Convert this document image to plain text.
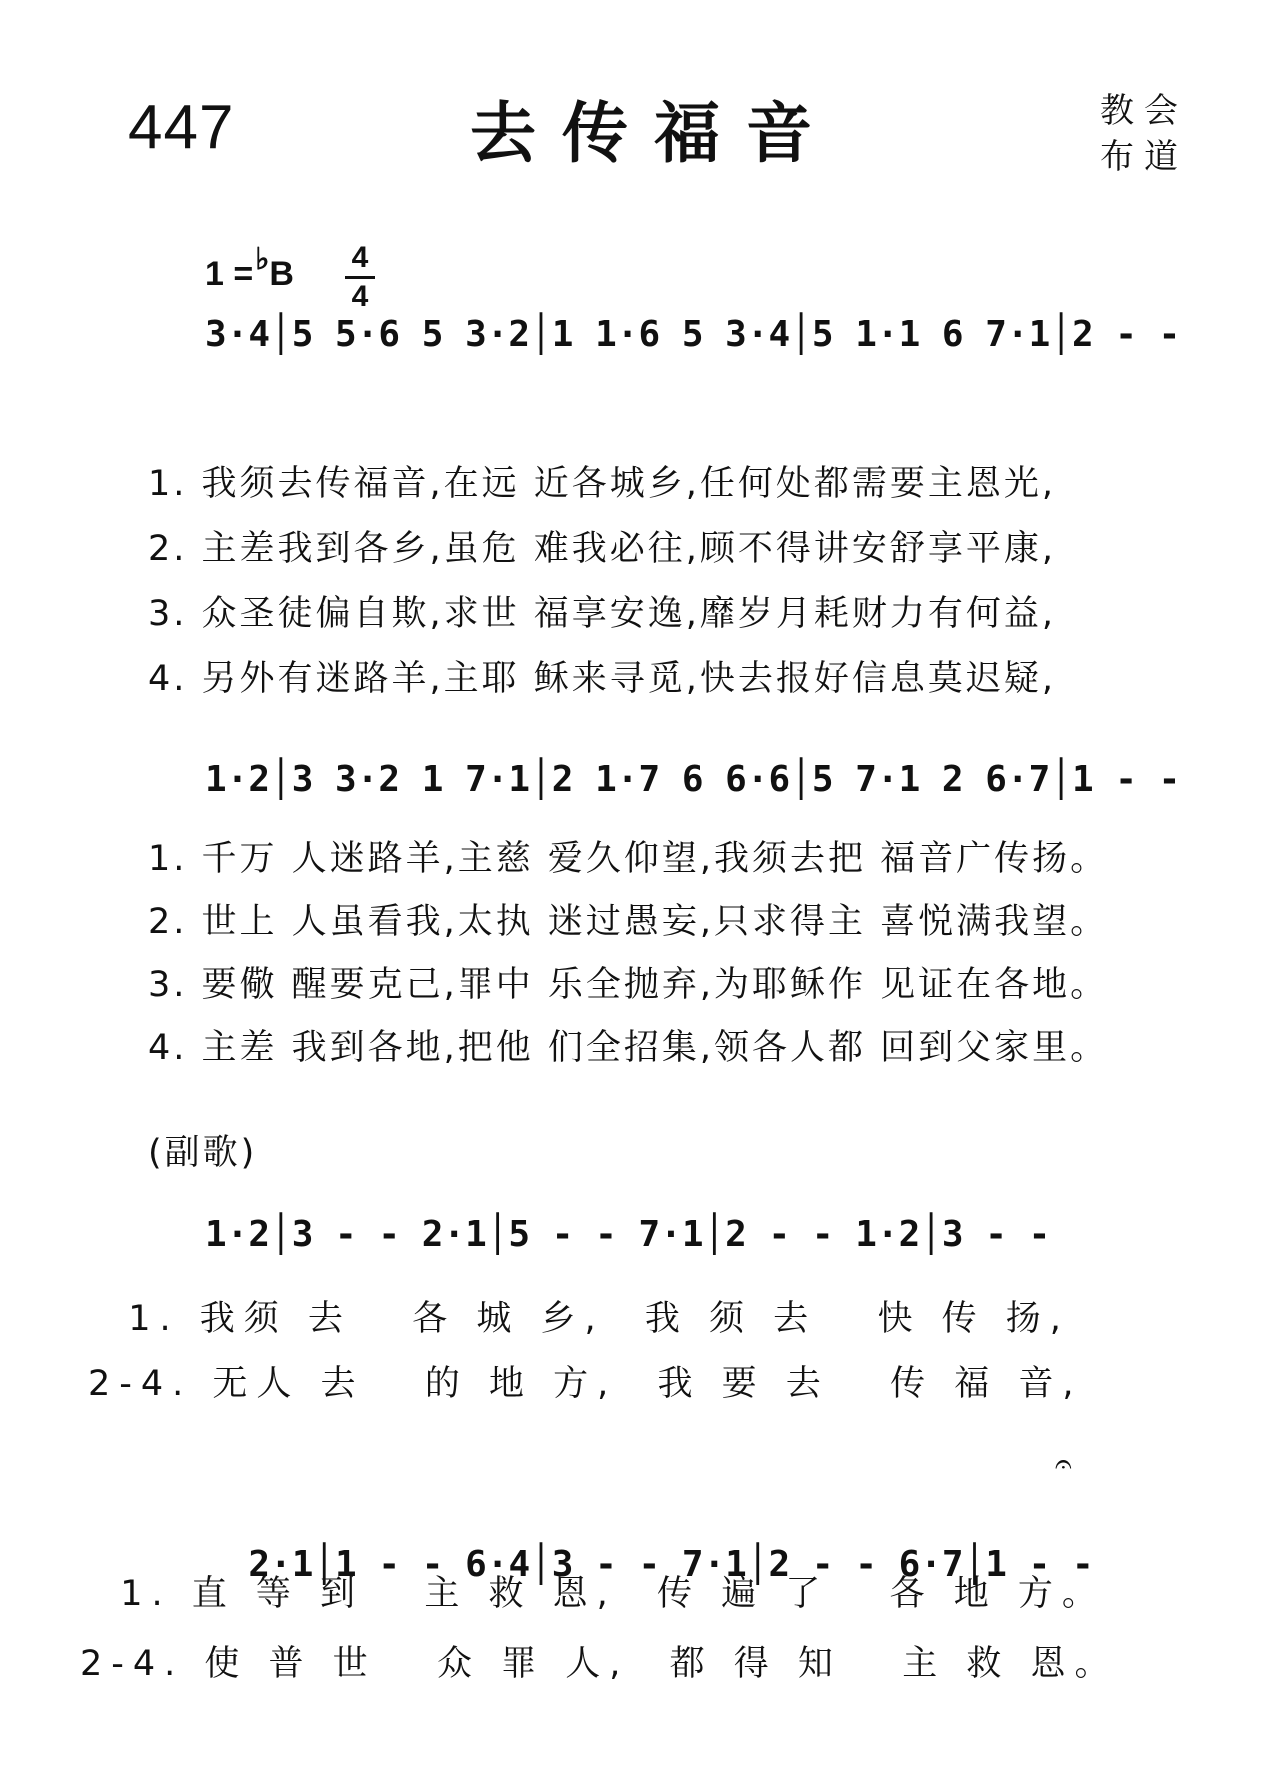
447	去传福音	教会
布道
1 =♭B 4
4
3·4│5 5·6 5 3·2│1 1·6 5 3·4│5 1·1 6 7·1│2 - -
1. 我须去传福音,在远 近各城乡,任何处都需要主恩光,
2. 主差我到各乡,虽危 难我必往,顾不得讲安舒享平康,
3. 众圣徒偏自欺,求世 福享安逸,靡岁月耗财力有何益,
4. 另外有迷路羊,主耶 稣来寻觅,快去报好信息莫迟疑,
1·2│3 3·2 1 7·1│2 1·7 6 6·6│5 7·1 2 6·7│1 - -
1. 千万 人迷路羊,主慈 爱久仰望,我须去把 福音广传扬。
2. 世上 人虽看我,太执 迷过愚妄,只求得主 喜悦满我望。
3. 要儆 醒要克己,罪中 乐全抛弃,为耶稣作 见证在各地。
4. 主差 我到各地,把他 们全招集,领各人都 回到父家里。
(副歌)
1·2│3 - - 2·1│5 - - 7·1│2 - - 1·2│3 - -
1. 我须 去   各 城 乡,  我 须 去   快 传 扬,
2-4. 无人 去   的 地 方,  我 要 去   传 福 音,

2·1│1 - - 6·4│3 - - 7·1│2 - - 6·7│1 - -

𝄐

1. 直 等 到   主 救 恩,  传 遍 了   各 地 方。
2-4. 使 普 世   众 罪 人,  都 得 知   主 救 恩。
